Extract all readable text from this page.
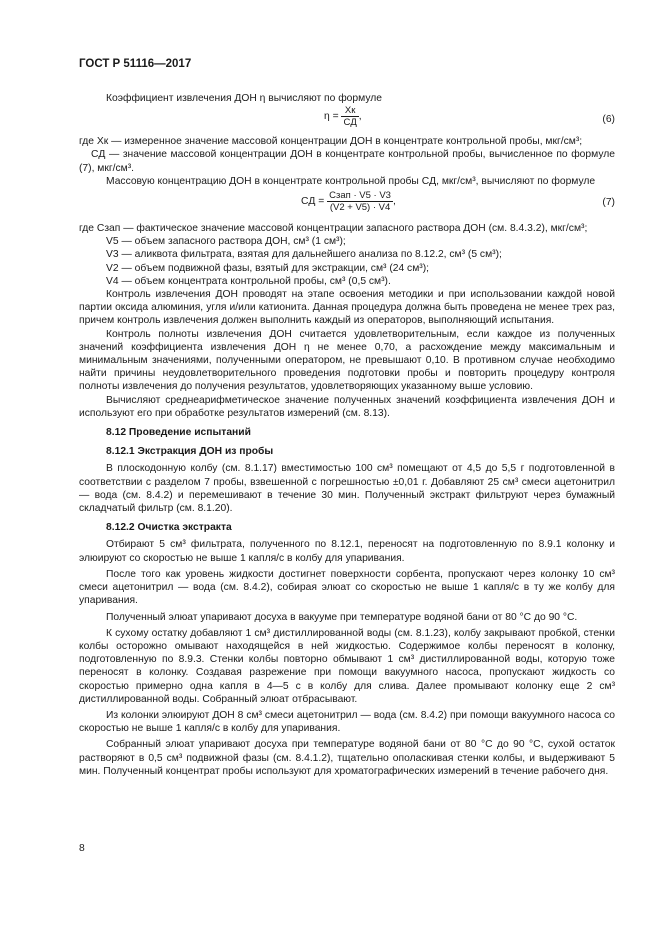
ГОСТ Р 51116—2017

Коэффициент извлечения ДОН η вычисляют по формуле

$\eta = \frac{Xк}{CД}$ ,	(6)

где Xк — измеренное значение массовой концентрации ДОН в концентрате контрольной пробы, мкг/см³;

CД — значение массовой концентрации ДОН в концентрате контрольной пробы, вычисленное по формуле (7), мкг/см³.

Массовую концентрацию ДОН в концентрате контрольной пробы CД, мкг/см³, вычисляют по формуле

CД = $\frac{\text{Cзап · V5 · V3}}{(V2 + V5) \cdot V4}$ ,	(7)

где Cзап — фактическое значение массовой концентрации запасного раствора ДОН (см. 8.4.3.2), мкг/см³;

V5 — объем запасного раствора ДОН, см³ (1 см³);

V3 — аликвота фильтрата, взятая для дальнейшего анализа по 8.12.2, см³ (5 см³);

V2 — объем подвижной фазы, взятый для экстракции, см³ (24 см³);

V4 — объем концентрата контрольной пробы, см³ (0,5 см³).

Контроль извлечения ДОН проводят на этапе освоения методики и при использовании каждой новой партии оксида алюминия, угля и/или катионита. Данная процедура должна быть проведена не менее трех раз, причем контроль извлечения должен выполнить каждый из операторов, выполняющий испытания.

Контроль полноты извлечения ДОН считается удовлетворительным, если каждое из полученных значений коэффициента извлечения ДОН η не менее 0,70, а расхождение между максимальным и минимальным значениями, полученными оператором, не превышают 0,10. В противном случае необходимо найти причины неудовлетворительного проведения подготовки пробы и повторить процедуру контроля полноты извлечения до получения результатов, удовлетворяющих указанному выше условию.

Вычисляют среднеарифметическое значение полученных значений коэффициента извлечения ДОН и используют его при обработке результатов измерений (см. 8.13).

8.12 Проведение испытаний

8.12.1 Экстракция ДОН из пробы

В плоскодонную колбу (см. 8.1.17) вместимостью 100 см³ помещают от 4,5 до 5,5 г подготовленной в соответствии с разделом 7 пробы, взвешенной с погрешностью ±0,01 г. Добавляют 25 см³ смеси ацетонитрил — вода (см. 8.4.2) и перемешивают в течение 30 мин. Полученный экстракт фильтруют через бумажный складчатый фильтр (см. 8.1.20).

8.12.2 Очистка экстракта

Отбирают 5 см³ фильтрата, полученного по 8.12.1, переносят на подготовленную по 8.9.1 колонку и элюируют со скоростью не выше 1 капля/с в колбу для упаривания.

После того как уровень жидкости достигнет поверхности сорбента, пропускают через колонку 10 см³ смеси ацетонитрил — вода (см. 8.4.2), собирая элюат со скоростью не выше 1 капля/с в ту же колбу для упаривания.

Полученный элюат упаривают досуха в вакууме при температуре водяной бани от 80 °С до 90 °С.

К сухому остатку добавляют 1 см³ дистиллированной воды (см. 8.1.23), колбу закрывают пробкой, стенки колбы осторожно омывают находящейся в ней жидкостью. Содержимое колбы переносят в колонку, подготовленную по 8.9.3. Стенки колбы повторно обмывают 1 см³ дистиллированной воды, которую тоже переносят в колонку. Создавая разрежение при помощи вакуумного насоса, пропускают жидкость со скоростью примерно одна капля в 4—5 с в колбу для слива. Далее промывают колонку еще 2 см³ дистиллированной воды. Собранный элюат отбрасывают.

Из колонки элюируют ДОН 8 см³ смеси ацетонитрил — вода (см. 8.4.2) при помощи вакуумного насоса со скоростью не выше 1 капля/с в колбу для упаривания.

Собранный элюат упаривают досуха при температуре водяной бани от 80 °С до 90 °С, сухой остаток растворяют в 0,5 см³ подвижной фазы (см. 8.4.1.2), тщательно ополаскивая стенки колбы, и выдерживают 5 мин. Полученный концентрат пробы используют для хроматографических измерений в течение рабочего дня.

8
